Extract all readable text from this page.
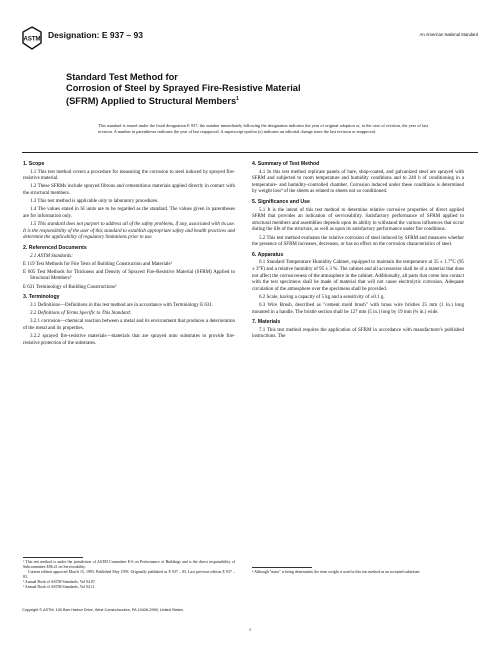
ASTM Designation: E 937 – 93	An American National Standard
Standard Test Method for
Corrosion of Steel by Sprayed Fire-Resistive Material
(SFRM) Applied to Structural Members$^1$
This standard is issued under the fixed designation E 937; the number immediately following the designation indicates the year of original adoption or, in the case of revision, the year of last revision. A number in parentheses indicates the year of last reapproval. A superscript epsilon (ε) indicates an editorial change since the last revision or reapproval.
1. Scope

1.1 This test method covers a procedure for measuring the corrosion to steel induced by sprayed fire-resistive material.

1.2 These SFRMs include sprayed fibrous and cementitious materials applied directly in contact with the structural members.

1.3 This test method is applicable only to laboratory procedures.

1.4 The values stated in SI units are to be regarded as the standard. The values given in parentheses are for information only.

1.5 This standard does not purport to address all of the safety problems, if any, associated with its use. It is the responsibility of the user of this standard to establish appropriate safety and health practices and determine the applicability of regulatory limitations prior to use.

2. Referenced Documents

2.1 ASTM Standards:

E 119 Test Methods for Fire Tests of Building Construction and Materials²

E 605 Test Methods for Thickness and Density of Sprayed Fire-Resistive Material (SFRM) Applied to Structural Members³

E 631 Terminology of Building Constructions³

3. Terminology

3.1 Definitions—Definitions in this test method are in accordance with Terminology E 631.

3.2 Definitions of Terms Specific to This Standard:

3.2.1 corrosion—chemical reaction between a metal and its environment that produces a deterioration of the metal and its properties.

3.2.2 sprayed fire-resistive materials—materials that are sprayed onto substrates to provide fire-resistive protection of the substrates.

4. Summary of Test Method

4.1 In this test method replicate panels of bare, shop-coated, and galvanized steel are sprayed with SFRM and subjected to room temperature and humidity conditions and to 240 h of conditioning in a temperature- and humidity-controlled chamber. Corrosion induced under these conditions is determined by weight loss⁴ of the sheets as related to sheets not so conditioned.

5. Significance and Use

5.1 It is the intent of this test method to determine relative corrosive properties of direct applied SFRM that provides an indication of serviceability. Satisfactory performance of SFRM applied to structural members and assemblies depends upon its ability to withstand the various influences that occur during the life of the structure, as well as upon its satisfactory performance under fire conditions.

5.2 This test method evaluates the relative corrosion of steel induced by SFRM and measures whether the presence of SFRM increases, decreases, or has no effect on the corrosion characteristics of steel.

6. Apparatus

6.1 Standard Temperature Humidity Cabinet, equipped to maintain the temperature at 35 ± 1.7°C (95 ± 3°F) and a relative humidity of 95 ± 3 %. The cabinet and all accessories shall be of a material that does not affect the corrosiveness of the atmosphere in the cabinet. Additionally, all parts that come into contact with the test specimens shall be made of material that will not cause electrolytic corrosion. Adequate circulation of the atmosphere over the specimens shall be provided.

6.2 Scale, having a capacity of 5 kg and a sensitivity of ±0.1 g.

6.3 Wire Brush, described as "cement mold brush" with brass wire bristles 25 mm (1 in.) long mounted in a handle. The bristle section shall be 127 mm (5 in.) long by 19 mm (¾ in.) wide.

7. Materials

7.1 This test method requires the application of SFRM in accordance with manufacturer's published instructions. The

¹ This test method is under the jurisdiction of ASTM Committee E-6 on Performance of Buildings and is the direct responsibility of Subcommittee E06.21 on Serviceability.
Current edition approved March 15, 1993. Published May 1993. Originally published as E 937 – 83. Last previous edition E 937 – 83.
² Annual Book of ASTM Standards, Vol 04.07.
³ Annual Book of ASTM Standards, Vol 04.11.
⁴ Although "mass" is being determined, the term weight is used in this test method as an accepted substitute.
Copyright © ASTM, 100 Barr Harbor Drive, West Conshohocken, PA 19428-2959, United States.
1
